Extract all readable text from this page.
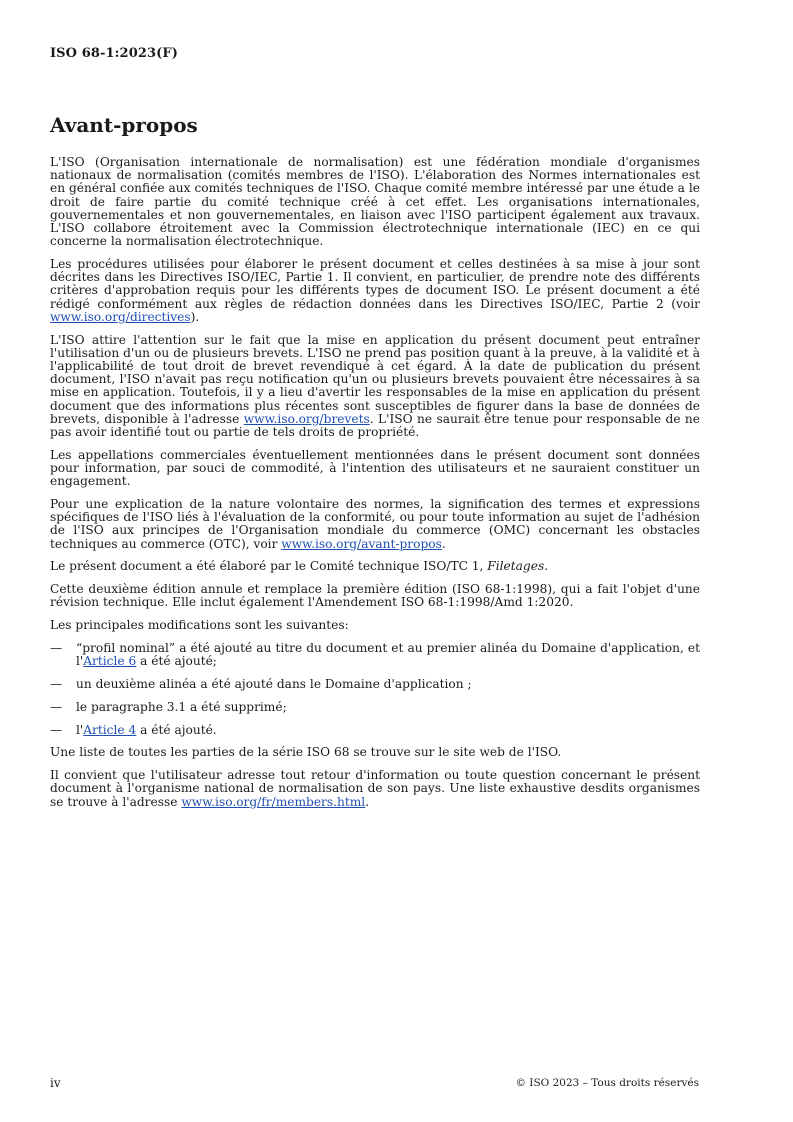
ISO 68-1:2023(F)
Avant-propos

L'ISO (Organisation internationale de normalisation) est une fédération mondiale d'organismes nationaux de normalisation (comités membres de l'ISO). L'élaboration des Normes internationales est en général confiée aux comités techniques de l'ISO. Chaque comité membre intéressé par une étude a le droit de faire partie du comité technique créé à cet effet. Les organisations internationales, gouvernementales et non gouvernementales, en liaison avec l'ISO participent également aux travaux. L'ISO collabore étroitement avec la Commission électrotechnique internationale (IEC) en ce qui concerne la normalisation électrotechnique.

Les procédures utilisées pour élaborer le présent document et celles destinées à sa mise à jour sont décrites dans les Directives ISO/IEC, Partie 1. Il convient, en particulier, de prendre note des différents critères d'approbation requis pour les différents types de document ISO. Le présent document a été rédigé conformément aux règles de rédaction données dans les Directives ISO/IEC, Partie 2 (voir www.iso.org/directives).

L'ISO attire l'attention sur le fait que la mise en application du présent document peut entraîner l'utilisation d'un ou de plusieurs brevets. L'ISO ne prend pas position quant à la preuve, à la validité et à l'applicabilité de tout droit de brevet revendiqué à cet égard. À la date de publication du présent document, l'ISO n'avait pas reçu notification qu'un ou plusieurs brevets pouvaient être nécessaires à sa mise en application. Toutefois, il y a lieu d'avertir les responsables de la mise en application du présent document que des informations plus récentes sont susceptibles de figurer dans la base de données de brevets, disponible à l'adresse www.iso.org/brevets. L'ISO ne saurait être tenue pour responsable de ne pas avoir identifié tout ou partie de tels droits de propriété.

Les appellations commerciales éventuellement mentionnées dans le présent document sont données pour information, par souci de commodité, à l'intention des utilisateurs et ne sauraient constituer un engagement.

Pour une explication de la nature volontaire des normes, la signification des termes et expressions spécifiques de l'ISO liés à l'évaluation de la conformité, ou pour toute information au sujet de l'adhésion de l'ISO aux principes de l'Organisation mondiale du commerce (OMC) concernant les obstacles techniques au commerce (OTC), voir www.iso.org/avant-propos.

Le présent document a été élaboré par le Comité technique ISO/TC 1, Filetages.

Cette deuxième édition annule et remplace la première édition (ISO 68-1:1998), qui a fait l'objet d'une révision technique. Elle inclut également l'Amendement ISO 68-1:1998/Amd 1:2020.

Les principales modifications sont les suivantes:

—	“profil nominal” a été ajouté au titre du document et au premier alinéa du Domaine d'application, et l'Article 6 a été ajouté;
—	un deuxième alinéa a été ajouté dans le Domaine d'application ;
—	le paragraphe 3.1 a été supprimé;
—	l'Article 4 a été ajouté.

Une liste de toutes les parties de la série ISO 68 se trouve sur le site web de l'ISO.

Il convient que l'utilisateur adresse tout retour d'information ou toute question concernant le présent document à l'organisme national de normalisation de son pays. Une liste exhaustive desdits organismes se trouve à l'adresse www.iso.org/fr/members.html.

iv	© ISO 2023 – Tous droits réservés
